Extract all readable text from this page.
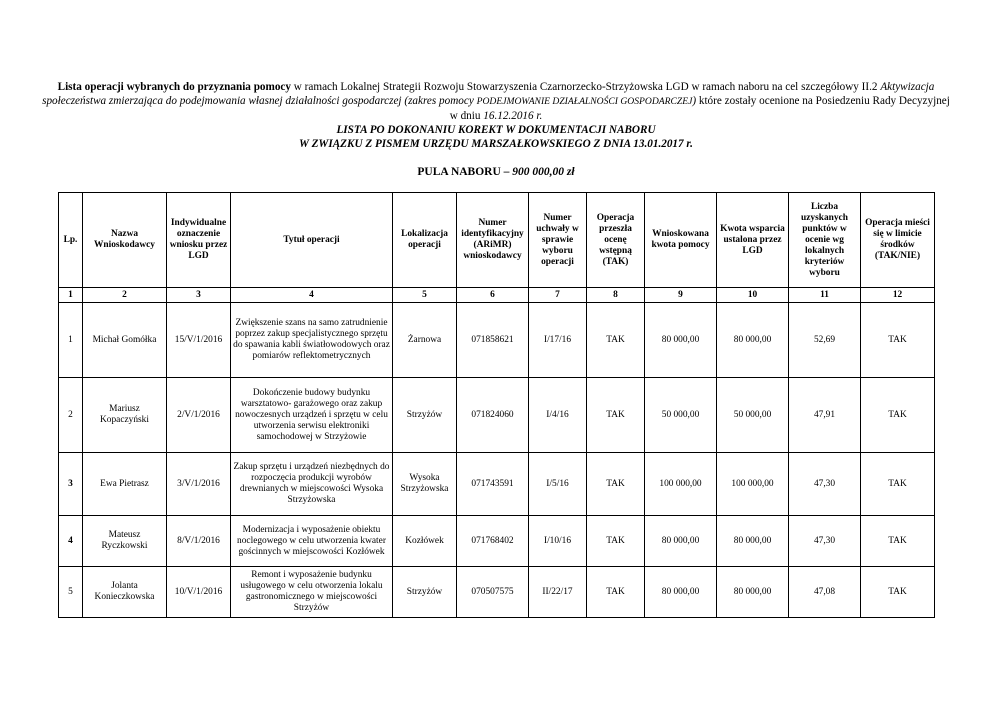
Lista operacji wybranych do przyznania pomocy w ramach Lokalnej Strategii Rozwoju Stowarzyszenia Czarnorzecko-Strzyżowska LGD w ramach naboru na cel szczegółowy II.2 Aktywizacja społeczeństwa zmierzająca do podejmowania własnej działalności gospodarczej (zakres pomocy PODEJMOWANIE DZIAŁALNOŚCI GOSPODARCZEJ) które zostały ocenione na Posiedzeniu Rady Decyzyjnej w dniu 16.12.2016 r.

LISTA PO DOKONANIU KOREKT W DOKUMENTACJI NABORU

W ZWIĄZKU Z PISMEM URZĘDU MARSZAŁKOWSKIEGO Z DNIA 13.01.2017 r.

PULA NABORU – 900 000,00 zł
Lp.	Nazwa Wnioskodawcy	Indywidualne oznaczenie wniosku przez LGD	Tytuł operacji	Lokalizacja operacji	Numer identyfikacyjny (ARiMR) wnioskodawcy	Numer uchwały w sprawie wyboru operacji	Operacja przeszła ocenę wstępną (TAK)	Wnioskowana kwota pomocy	Kwota wsparcia ustalona przez LGD	Liczba uzyskanych punktów w ocenie wg lokalnych kryteriów wyboru	Operacja mieści się w limicie środków (TAK/NIE)
1	2	3	4	5	6	7	8	9	10	11	12
1	Michał Gomółka	15/V/1/2016	Zwiększenie szans na samo zatrudnienie poprzez zakup specjalistycznego sprzętu do spawania kabli światłowodowych oraz pomiarów reflektometrycznych	Żarnowa	071858621	I/17/16	TAK	80 000,00	80 000,00	52,69	TAK
2	Mariusz Kopaczyński	2/V/1/2016	Dokończenie budowy budynku warsztatowo- garażowego oraz zakup nowoczesnych urządzeń i sprzętu w celu utworzenia serwisu elektroniki samochodowej w Strzyżowie	Strzyżów	071824060	I/4/16	TAK	50 000,00	50 000,00	47,91	TAK
3	Ewa Pietrasz	3/V/1/2016	Zakup sprzętu i urządzeń niezbędnych do rozpoczęcia produkcji wyrobów drewnianych w miejscowości Wysoka Strzyżowska	Wysoka Strzyżowska	071743591	I/5/16	TAK	100 000,00	100 000,00	47,30	TAK
4	Mateusz Ryczkowski	8/V/1/2016	Modernizacja i wyposażenie obiektu noclegowego w celu utworzenia kwater gościnnych w miejscowości Kozłówek	Kozłówek	071768402	I/10/16	TAK	80 000,00	80 000,00	47,30	TAK
5	Jolanta Konieczkowska	10/V/1/2016	Remont i wyposażenie budynku usługowego w celu otworzenia lokalu gastronomicznego w miejscowości Strzyżów	Strzyżów	070507575	II/22/17	TAK	80 000,00	80 000,00	47,08	TAK
